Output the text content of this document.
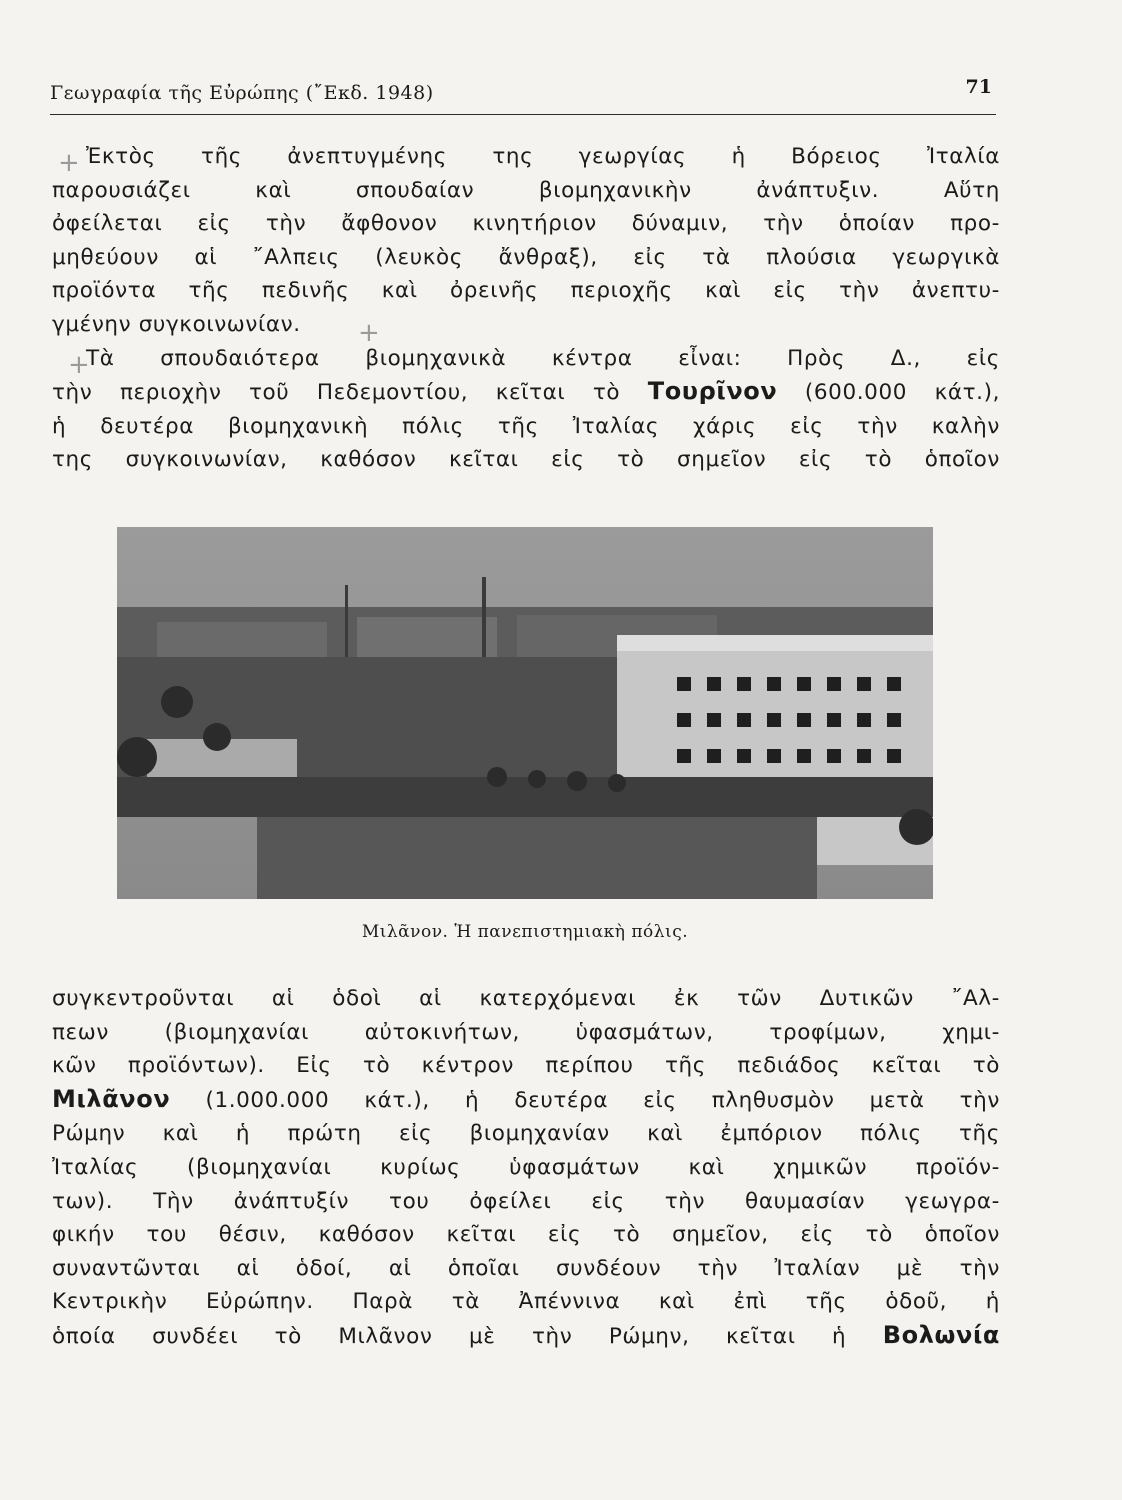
Γεωγραφία τῆς Εὐρώπης (῎Εκδ. 1948)	71
+
+
+

Ἐκτὸς τῆς ἀνεπτυγμένης της γεωργίας ἡ Βόρειος Ἰταλία

παρουσιάζει καὶ σπουδαίαν βιομηχανικὴν ἀνάπτυξιν. Αὕτη

ὀφείλεται εἰς τὴν ἄφθονον κινητήριον δύναμιν, τὴν ὁποίαν προ-

μηθεύουν αἱ ῎Αλπεις (λευκὸς ἄνθραξ), εἰς τὰ πλούσια γεωργικὰ

προϊόντα τῆς πεδινῆς καὶ ὀρεινῆς περιοχῆς καὶ εἰς τὴν ἀνεπτυ-

γμένην συγκοινωνίαν.

Τὰ σπουδαιότερα βιομηχανικὰ κέντρα εἶναι: Πρὸς Δ., εἰς

τὴν περιοχὴν τοῦ Πεδεμοντίου, κεῖται τὸ Τουρῖνον (600.000 κάτ.),

ἡ δευτέρα βιομηχανικὴ πόλις τῆς Ἰταλίας χάρις εἰς τὴν καλὴν

της συγκοινωνίαν, καθόσον κεῖται εἰς τὸ σημεῖον εἰς τὸ ὁποῖον

Μιλᾶνον. Ἡ πανεπιστημιακὴ πόλις.

συγκεντροῦνται αἱ ὁδοὶ αἱ κατερχόμεναι ἐκ τῶν Δυτικῶν ῎Αλ-

πεων (βιομηχανίαι αὐτοκινήτων, ὑφασμάτων, τροφίμων, χημι-

κῶν προϊόντων). Εἰς τὸ κέντρον περίπου τῆς πεδιάδος κεῖται τὸ

Μιλᾶνον (1.000.000 κάτ.), ἡ δευτέρα εἰς πληθυσμὸν μετὰ τὴν

Ρώμην καὶ ἡ πρώτη εἰς βιομηχανίαν καὶ ἐμπόριον πόλις τῆς

Ἰταλίας (βιομηχανίαι κυρίως ὑφασμάτων καὶ χημικῶν προϊόν-

των). Τὴν ἀνάπτυξίν του ὀφείλει εἰς τὴν θαυμασίαν γεωγρα-

φικήν του θέσιν, καθόσον κεῖται εἰς τὸ σημεῖον, εἰς τὸ ὁποῖον

συναντῶνται αἱ ὁδοί, αἱ ὁποῖαι συνδέουν τὴν Ἰταλίαν μὲ τὴν

Κεντρικὴν Εὐρώπην. Παρὰ τὰ Ἀπέννινα καὶ ἐπὶ τῆς ὁδοῦ, ἡ

ὁποία συνδέει τὸ Μιλᾶνον μὲ τὴν Ρώμην, κεῖται ἡ Βολωνία
